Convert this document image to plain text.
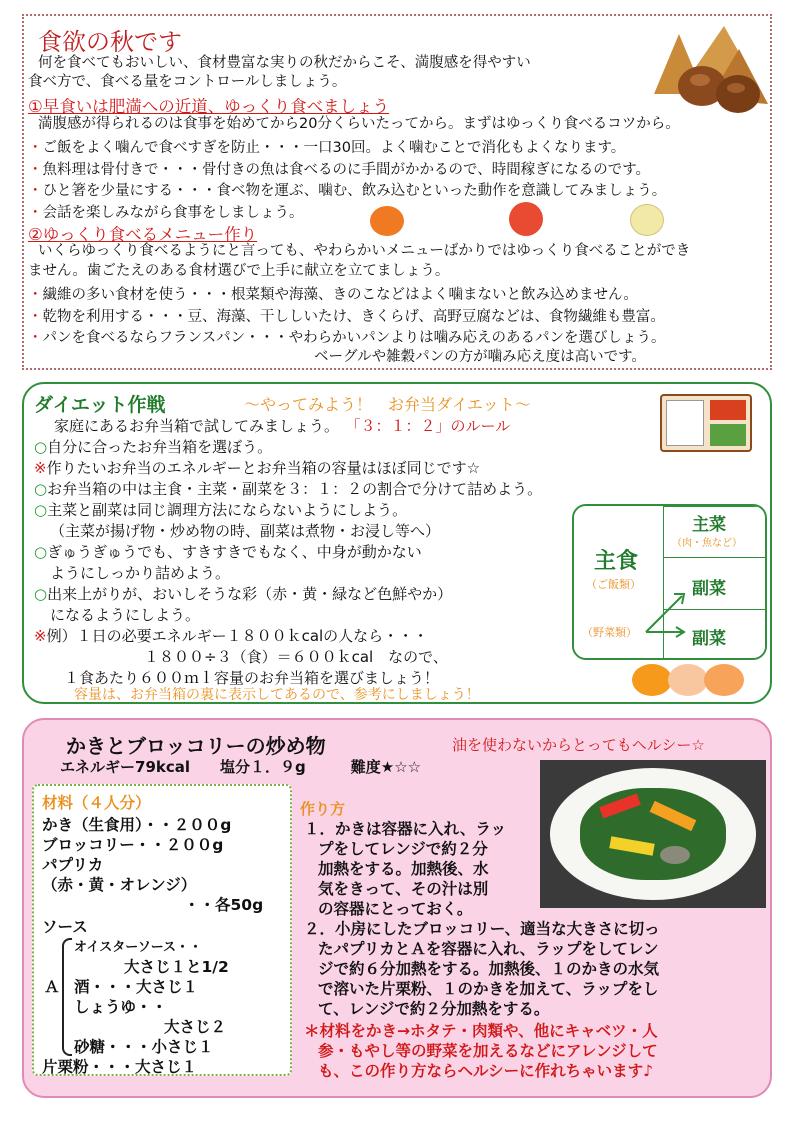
食欲の秋です
何を食べてもおいしい、食材豊富な実りの秋だからこそ、満腹感を得やすい
食べ方で、食べる量をコントロールしましょう。
①早食いは肥満への近道、ゆっくり食べましょう
満腹感が得られるのは食事を始めてから20分くらいたってから。まずはゆっくり食べるコツから。
・ご飯をよく噛んで食べすぎを防止・・・一口30回。よく噛むことで消化もよくなります。
・魚料理は骨付きで・・・骨付きの魚は食べるのに手間がかかるので、時間稼ぎになるのです。
・ひと箸を少量にする・・・食べ物を運ぶ、噛む、飲み込むといった動作を意識してみましょう。
・会話を楽しみながら食事をしましょう。
②ゆっくり食べるメニュー作り
いくらゆっくり食べるようにと言っても、やわらかいメニューばかりではゆっくり食べることができ
ません。歯ごたえのある食材選びで上手に献立を立てましょう。
・繊維の多い食材を使う・・・根菜類や海藻、きのこなどはよく噛まないと飲み込めません。
・乾物を利用する・・・豆、海藻、干ししいたけ、きくらげ、高野豆腐などは、食物繊維も豊富。
・パンを食べるならフランスパン・・・やわらかいパンよりは噛み応えのあるパンを選びしょう。
ベーグルや雑穀パンの方が噛み応え度は高いです。
ダイエット作戦	～やってみよう！　お弁当ダイエット～
家庭にあるお弁当箱で試してみましょう。 「３：１：２」のルール
○自分に合ったお弁当箱を選ぼう。
※作りたいお弁当のエネルギーとお弁当箱の容量はほぼ同じです☆
○お弁当箱の中は主食・主菜・副菜を３：１：２の割合で分けて詰めよう。
○主菜と副菜は同じ調理方法にならないようにしよう。
（主菜が揚げ物・炒め物の時、副菜は煮物・お浸し等へ）
○ぎゅうぎゅうでも、すきすきでもなく、中身が動かない
ようにしっかり詰めよう。
○出来上がりが、おいしそうな彩（赤・黄・緑など色鮮やか）
になるようにしよう。
※例）１日の必要エネルギー１８００ｋcalの人なら・・・
１８００÷３（食）＝６００ｋcal　なので、
１食あたり６００ｍｌ容量のお弁当箱を選びましょう！
容量は、お弁当箱の裏に表示してあるので、参考にしましょう！
主食
（ご飯類）
（野菜類）
主菜
（肉・魚など）
副菜
副菜
かきとブロッコリーの炒め物	油を使わないからとってもヘルシー☆
エネルギー79kcal　　塩分１．９g　　　難度★☆☆
材料（４人分）
かき（生食用）・・２００g
ブロッコリー・・２００g
パプリカ
（赤・黄・オレンジ）
・・各50g
ソース
オイスターソース・・
大さじ１と1/2
Ａ 酒・・・大さじ１
しょうゆ・・
大さじ２
砂糖・・・小さじ１
片栗粉・・・大さじ１
作り方
１．かきは容器に入れ、ラッ
プをしてレンジで約２分
加熱をする。加熱後、水
気をきって、その汁は別
の容器にとっておく。
２．小房にしたブロッコリー、適当な大きさに切っ
たパプリカとＡを容器に入れ、ラップをしてレン
ジで約６分加熱をする。加熱後、１のかきの水気
で溶いた片栗粉、１のかきを加えて、ラップをし
て、レンジで約２分加熱をする。
＊材料をかき→ホタテ・肉類や、他にキャベツ・人
参・もやし等の野菜を加えるなどにアレンジして
も、この作り方ならヘルシーに作れちゃいます♪
